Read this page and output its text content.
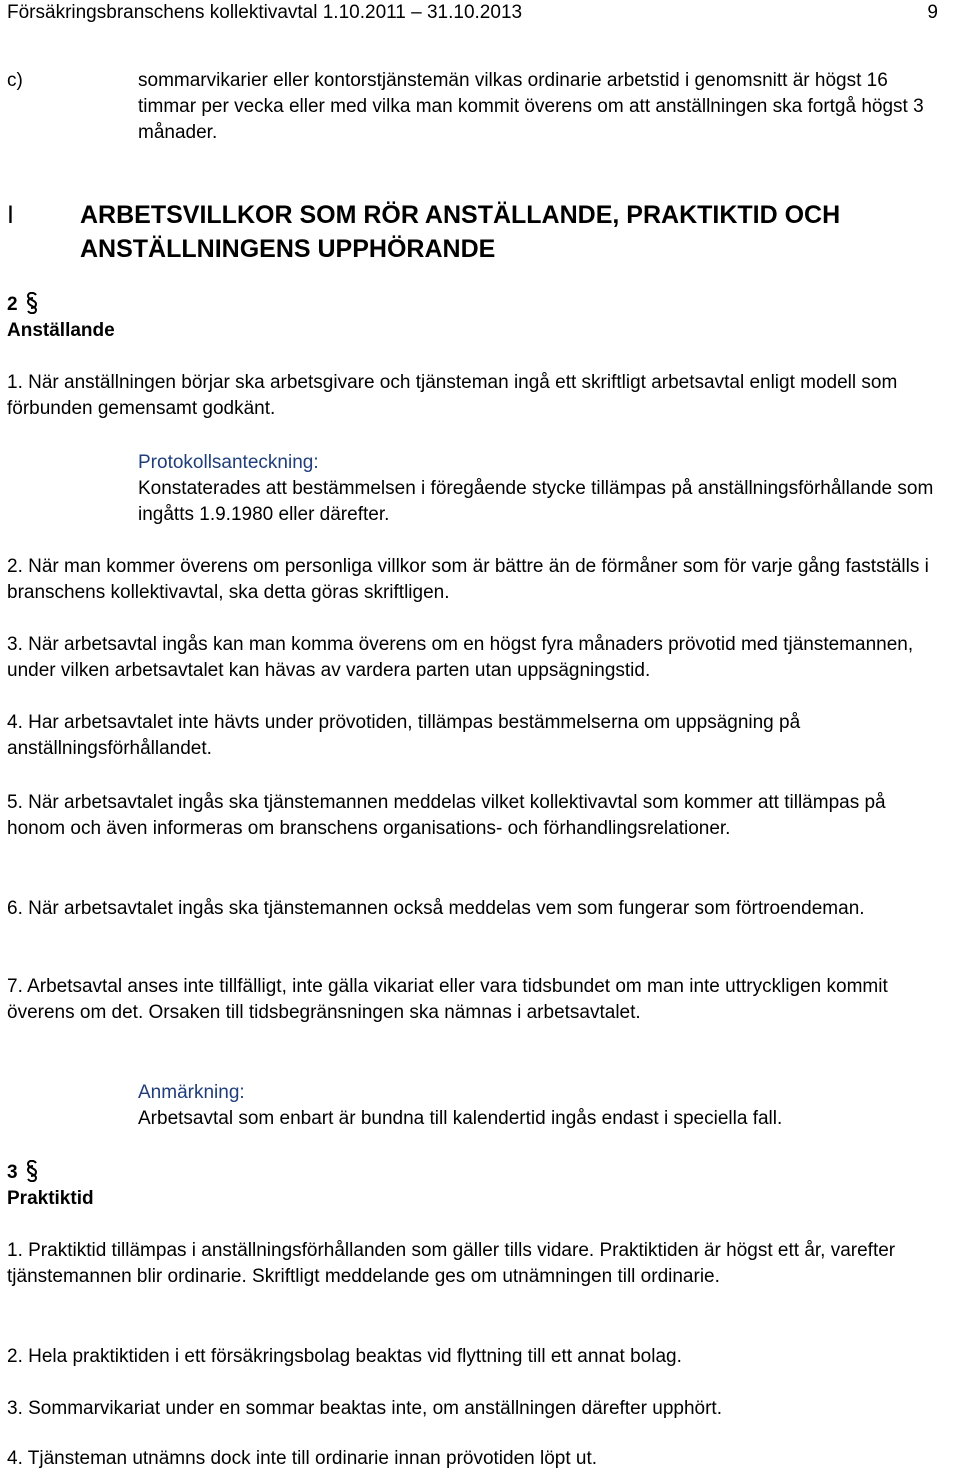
Försäkringsbranschens kollektivavtal 1.10.2011 – 31.10.2013	9
c)	sommarvikarier eller kontorstjänstemän vilkas ordinarie arbetstid i genomsnitt är högst 16 timmar per vecka eller med vilka man kommit överens om att anställningen ska fortgå högst 3 månader.
I	ARBETSVILLKOR SOM RÖR ANSTÄLLANDE, PRAKTIKTID OCH ANSTÄLLNINGENS UPPHÖRANDE
2
Anställande
1. När anställningen börjar ska arbetsgivare och tjänsteman ingå ett skriftligt arbetsavtal enligt modell som förbunden gemensamt godkänt.
Protokollsanteckning:
Konstaterades att bestämmelsen i föregående stycke tillämpas på anställningsförhållande som ingåtts 1.9.1980 eller därefter.
2. När man kommer överens om personliga villkor som är bättre än de förmåner som för varje gång fastställs i branschens kollektivavtal, ska detta göras skriftligen.
3. När arbetsavtal ingås kan man komma överens om en högst fyra månaders prövotid med tjänstemannen, under vilken arbetsavtalet kan hävas av vardera parten utan uppsägningstid.
4. Har arbetsavtalet inte hävts under prövotiden, tillämpas bestämmelserna om uppsägning på anställningsförhållandet.
5. När arbetsavtalet ingås ska tjänstemannen meddelas vilket kollektivavtal som kommer att tillämpas på honom och även informeras om branschens organisations- och förhandlingsrelationer.
6. När arbetsavtalet ingås ska tjänstemannen också meddelas vem som fungerar som förtroendeman.
7. Arbetsavtal anses inte tillfälligt, inte gälla vikariat eller vara tidsbundet om man inte uttryckligen kommit överens om det. Orsaken till tidsbegränsningen ska nämnas i arbetsavtalet.
Anmärkning:
Arbetsavtal som enbart är bundna till kalendertid ingås endast i speciella fall.
3
Praktiktid
1. Praktiktid tillämpas i anställningsförhållanden som gäller tills vidare. Praktiktiden är högst ett år, varefter tjänstemannen blir ordinarie. Skriftligt meddelande ges om utnämningen till ordinarie.
2. Hela praktiktiden i ett försäkringsbolag beaktas vid flyttning till ett annat bolag.
3. Sommarvikariat under en sommar beaktas inte, om anställningen därefter upphört.
4. Tjänsteman utnämns dock inte till ordinarie innan prövotiden löpt ut.
